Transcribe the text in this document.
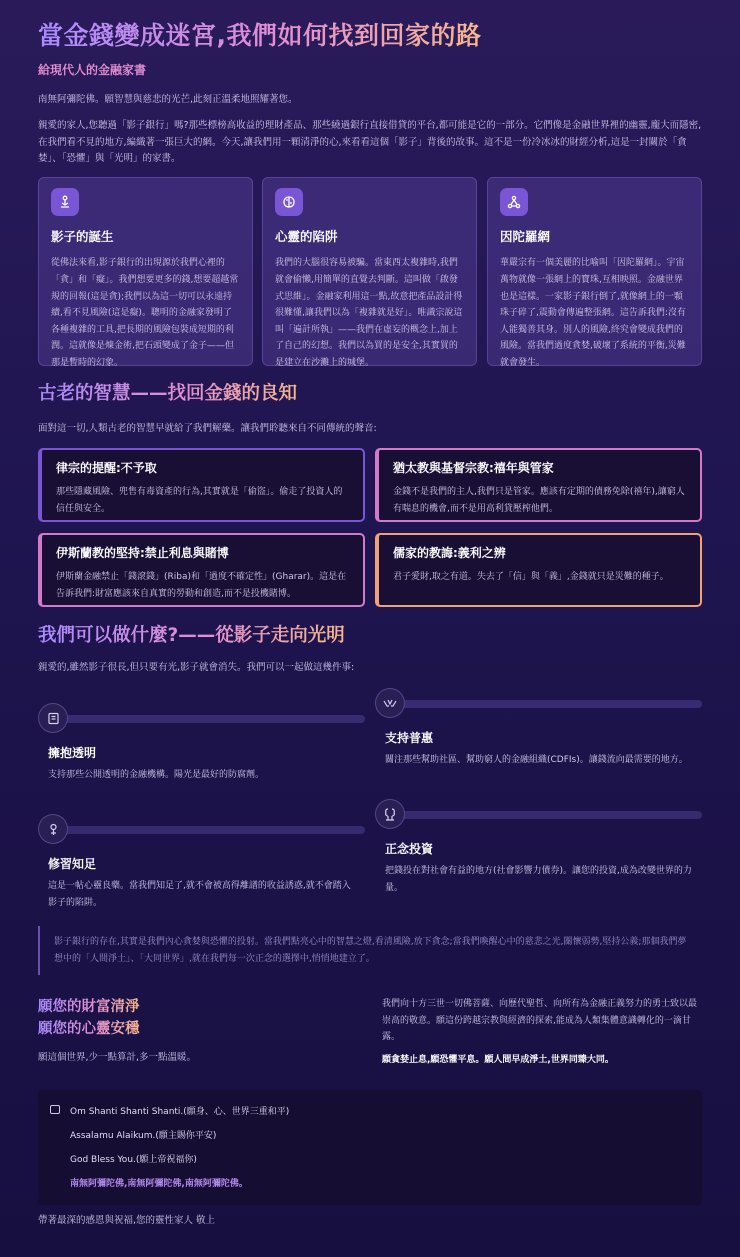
當金錢變成迷宮,我們如何找到回家的路
給現代人的金融家書
南無阿彌陀佛。願智慧與慈悲的光芒,此刻正溫柔地照耀著您。
親愛的家人,您聽過「影子銀行」嗎?那些標榜高收益的理財產品、那些繞過銀行直接借貸的平台,都可能是它的一部分。它們像是金融世界裡的幽靈,龐大而隱密,在我們看不見的地方,編織著一張巨大的網。今天,讓我們用一顆清淨的心,來看看這個「影子」背後的故事。這不是一份冷冰冰的財經分析,這是一封關於「貪婪」、「恐懼」與「光明」的家書。
影子的誕生

從佛法來看,影子銀行的出現源於我們心裡的「貪」和「癡」。我們想要更多的錢,想要超越常規的回報(這是貪);我們以為這一切可以永遠持續,看不見風險(這是癡)。聰明的金融家發明了各種複雜的工具,把長期的風險包裝成短期的利潤。這就像是煉金術,把石頭變成了金子——但那是暫時的幻象。

心靈的陷阱

我們的大腦很容易被騙。當東西太複雜時,我們就會偷懶,用簡單的直覺去判斷。這叫做「啟發式思維」。金融家利用這一點,故意把產品設計得很難懂,讓我們以為「複雜就是好」。唯識宗說這叫「遍計所執」——我們在虛妄的概念上,加上了自己的幻想。我們以為買的是安全,其實買的是建立在沙灘上的城堡。

因陀羅網

華嚴宗有一個美麗的比喻叫「因陀羅網」。宇宙萬物就像一張網上的寶珠,互相映照。金融世界也是這樣。一家影子銀行倒了,就像網上的一顆珠子碎了,震動會傳遍整張網。這告訴我們:沒有人能獨善其身。別人的風險,終究會變成我們的風險。當我們過度貪婪,破壞了系統的平衡,災難就會發生。

古老的智慧——找回金錢的良知
面對這一切,人類古老的智慧早就給了我們解藥。讓我們聆聽來自不同傳統的聲音:
律宗的提醒:不予取

那些隱藏風險、兜售有毒資產的行為,其實就是「偷盜」。偷走了投資人的信任與安全。

猶太教與基督宗教:禧年與管家

金錢不是我們的主人,我們只是管家。應該有定期的債務免除(禧年),讓窮人有喘息的機會,而不是用高利貸壓榨他們。

伊斯蘭教的堅持:禁止利息與賭博

伊斯蘭金融禁止「錢滾錢」(Riba)和「過度不確定性」(Gharar)。這是在告訴我們:財富應該來自真實的勞動和創造,而不是投機賭博。

儒家的教誨:義利之辨

君子愛財,取之有道。失去了「信」與「義」,金錢就只是災難的種子。

我們可以做什麼?——從影子走向光明
親愛的,雖然影子很長,但只要有光,影子就會消失。我們可以一起做這幾件事:
擁抱透明

支持那些公開透明的金融機構。陽光是最好的防腐劑。

支持普惠

關注那些幫助社區、幫助窮人的金融組織(CDFIs)。讓錢流向最需要的地方。

修習知足

這是一帖心靈良藥。當我們知足了,就不會被高得離譜的收益誘惑,就不會踏入影子的陷阱。

正念投資

把錢投在對社會有益的地方(社會影響力債券)。讓您的投資,成為改變世界的力量。

影子銀行的存在,其實是我們內心貪婪與恐懼的投射。當我們點亮心中的智慧之燈,看清風險,放下貪念;當我們喚醒心中的慈悲之光,關懷弱勢,堅持公義;那個我們夢想中的「人間淨土」、「大同世界」,就在我們每一次正念的選擇中,悄悄地建立了。
願您的財富清淨
願您的心靈安穩
願這個世界,少一點算計,多一點溫暖。
我們向十方三世一切佛菩薩、向歷代聖哲、向所有為金融正義努力的勇士致以最崇高的敬意。願這份跨越宗教與經濟的探索,能成為人類集體意識轉化的一滴甘露。
願貪婪止息,願恐懼平息。願人間早成淨土,世界同臻大同。
Om Shanti Shanti Shanti.(願身、心、世界三重和平)
Assalamu Alaikum.(願主賜你平安)
God Bless You.(願上帝祝福你)
南無阿彌陀佛,南無阿彌陀佛,南無阿彌陀佛。
帶著最深的感恩與祝福,您的靈性家人 敬上
